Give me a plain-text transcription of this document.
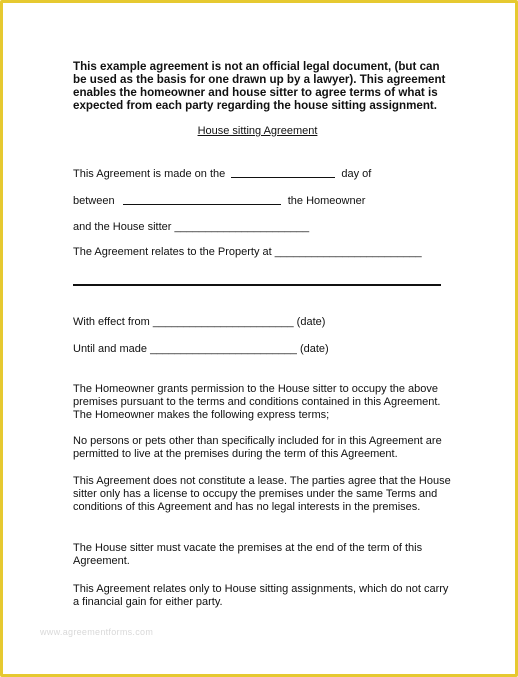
This example agreement is not an official legal document, (but can be used as the basis for one drawn up by a lawyer). This agreement enables the homeowner and house sitter to agree terms of what is expected from each party regarding the house sitting assignment.
House sitting Agreement
This Agreement is made on the	day of
between	the Homeowner
and the House sitter ______________________
The Agreement relates to the Property at ________________________
With effect from _______________________ (date)
Until and made ________________________ (date)
The Homeowner grants permission to the House sitter to occupy the above premises pursuant to the terms and conditions contained in this Agreement. The Homeowner makes the following express terms;
No persons or pets other than specifically included for in this Agreement are permitted to live at the premises during the term of this Agreement.
This Agreement does not constitute a lease. The parties agree that the House sitter only has a license to occupy the premises under the same Terms and conditions of this Agreement and has no legal interests in the premises.
The House sitter must vacate the premises at the end of the term of this Agreement.
This Agreement relates only to House sitting assignments, which do not carry a financial gain for either party.
www.agreementforms.com
